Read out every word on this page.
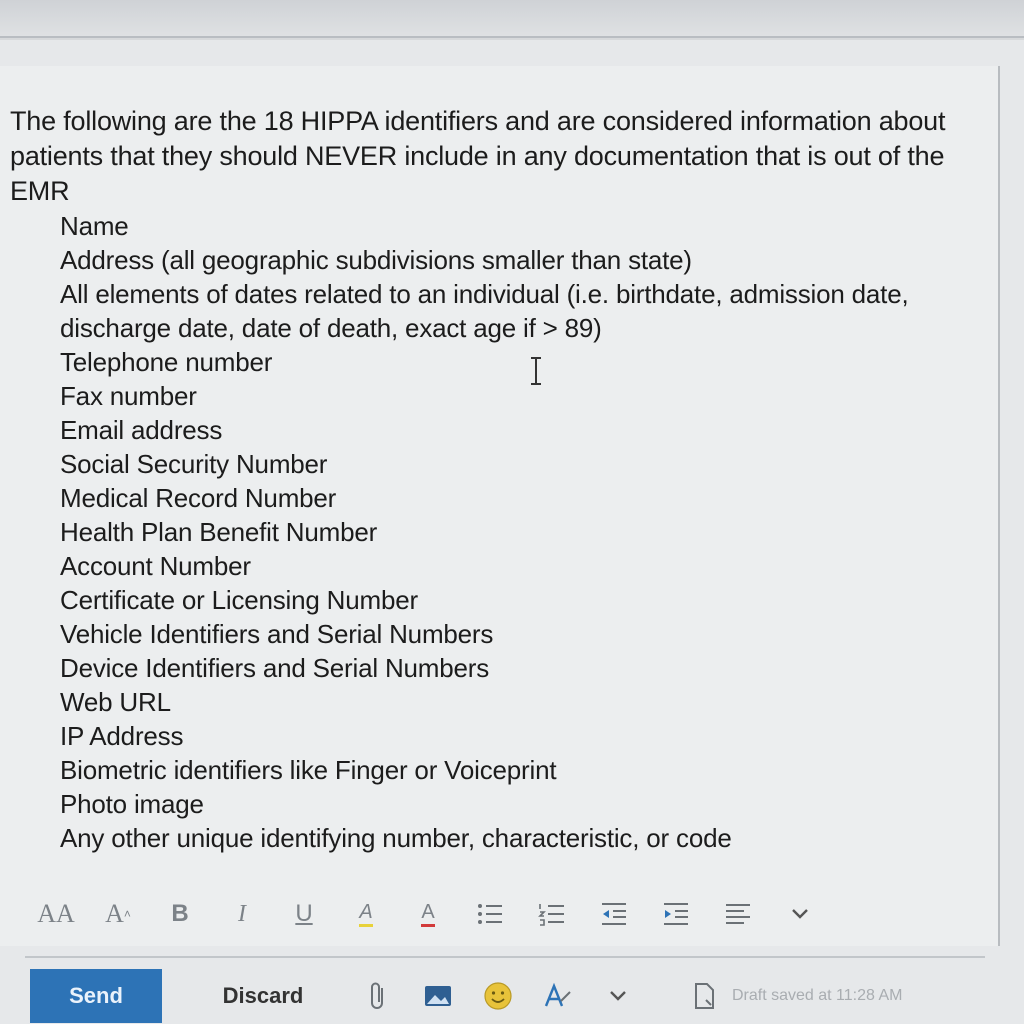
The following are the 18 HIPPA identifiers and are considered information about patients that they should NEVER include in any documentation that is out of the EMR

Name
Address (all geographic subdivisions smaller than state)
All elements of dates related to an individual (i.e. birthdate, admission date, discharge date, date of death, exact age if > 89)
Telephone number
Fax number
Email address
Social Security Number
Medical Record Number
Health Plan Benefit Number
Account Number
Certificate or Licensing Number
Vehicle Identifiers and Serial Numbers
Device Identifiers and Serial Numbers
Web URL
IP Address
Biometric identifiers like Finger or Voiceprint
Photo image
Any other unique identifying number, characteristic, or code
AA A ˄ B I U A A
Send	Discard	Draft saved at 11:28 AM
